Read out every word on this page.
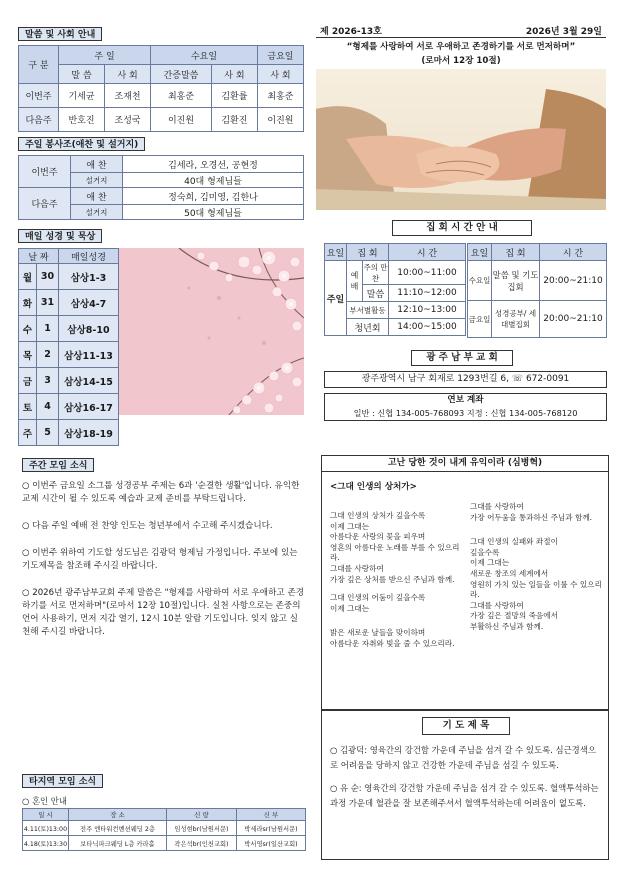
말씀 및 사회 안내
구 분	주 일		수요일		금요일
	말 씀	사 회	간증말씀	사 회	사 회
이번주	기세균	조재천	최홍준	김환률	최홍준
다음주	반호진	조성국	이진원	김환진	이진원
주일 봉사조(애찬 및 설거지)
이번주	애 찬	김세라, 오경선, 공현정
	설거지	40대 형제님들
다음주	애 찬	정숙희, 김미영, 김한나
	설거지	50대 형제님들
매일 성경 및 묵상
날 짜		매일성경
월	30	삼상1-3
화	31	삼상4-7
수	1	삼상8-10
목	2	삼상11-13
금	3	삼상14-15
토	4	삼상16-17
주	5	삼상18-19
제 2026-13호	2026년 3월 29일
“형제를 사랑하여 서로 우애하고 존경하기를 서로 먼저하며”
(로마서 12장 10절)
집 회 시 간 안 내
요일	집 회		시 간
주일	예배	주의 만찬	10:00~11:00
		말씀	11:10~12:00
	부서별활동		12:10~13:00
	청년회		14:00~15:00
요일	집 회	시 간
수요일	말씀 및 기도집회	20:00~21:10
금요일	성경공부/ 세대별집회	20:00~21:10
광 주 남 부 교 회
광주광역시 남구 회재로 1293번길 6, ☏ 672-0091
연보 계좌
일반 : 신협 134-005-768093 지정 : 신협 134-005-768120
주간 모임 소식

○ 이번주 금요일 소그룹 성경공부 주제는 6과 '순결한 생활'입니다. 유익한 교제 시간이 될 수 있도록 예습과 교제 준비를 부탁드립니다.

○ 다음 주일 예배 전 찬양 인도는 청년부에서 수고해 주시겠습니다.

○ 이번주 위하여 기도할 성도님은 김광덕 형제님 가정입니다. 주보에 있는 기도제목을 참조해 주시길 바랍니다.

○ 2026년 광주남부교회 주제 말씀은 "형제를 사랑하여 서로 우애하고 존경하기를 서로 먼저하며"(로마서 12장 10절)입니다. 실천 사항으로는 존중의 언어 사용하기, 먼저 지갑 열기, 12시 10분 알람 기도입니다. 잊지 않고 실천해 주시길 바랍니다.

타지역 모임 소식
○ 혼인 안내
일 시	장 소	신 랑	신 부
4.11(토)13:00	전주 엔타워컨벤션웨딩 2층	임성현br(남원서문)	박세라sr(남원서문)
4.18(토)13:30	보타닉파크웨딩 L층 카라홀	곽은석br(인천교회)	박서영sr(일산교회)
고난 당한 것이 내게 유익이라 (심병혁)
<그대 인생의 상처가>
그대 인생의 상처가 깊을수록
이제 그대는
아름다운 사랑의 꽃을 피우며
영혼의 아름다운 노래를 부를 수 있으리라.
그대를 사랑하여
가장 깊은 상처를 받으신 주님과 함께.
그대 인생의 어둠이 깊을수록
이제 그대는
밝은 새로운 날들을 맞이하며
아름다운 자취와 빛을 줄 수 있으리라.
그대를 사랑하여
가장 어두움을 통과하신 주님과 함께.
그대 인생의 실패와 좌절이
깊을수록
이제 그대는
새로운 창조의 세계에서
영원히 가치 있는 일들을 이룰 수 있으리라.
그대를 사랑하여
가장 깊은 절망의 죽음에서
부활하신 주님과 함께.
기 도 제 목

○ 김광덕: 영육간의 강건함 가운데 주님을 섬겨 갈 수 있도록. 심근경색으로 어려움을 당하지 않고 건강한 가운데 주님을 섬길 수 있도록.

○ 유 순: 영육간의 강건함 가운데 주님을 섬겨 갈 수 있도록. 혈액투석하는 과정 가운데 혈관을 잘 보존해주셔서 혈액투석하는데 어려움이 없도록.
